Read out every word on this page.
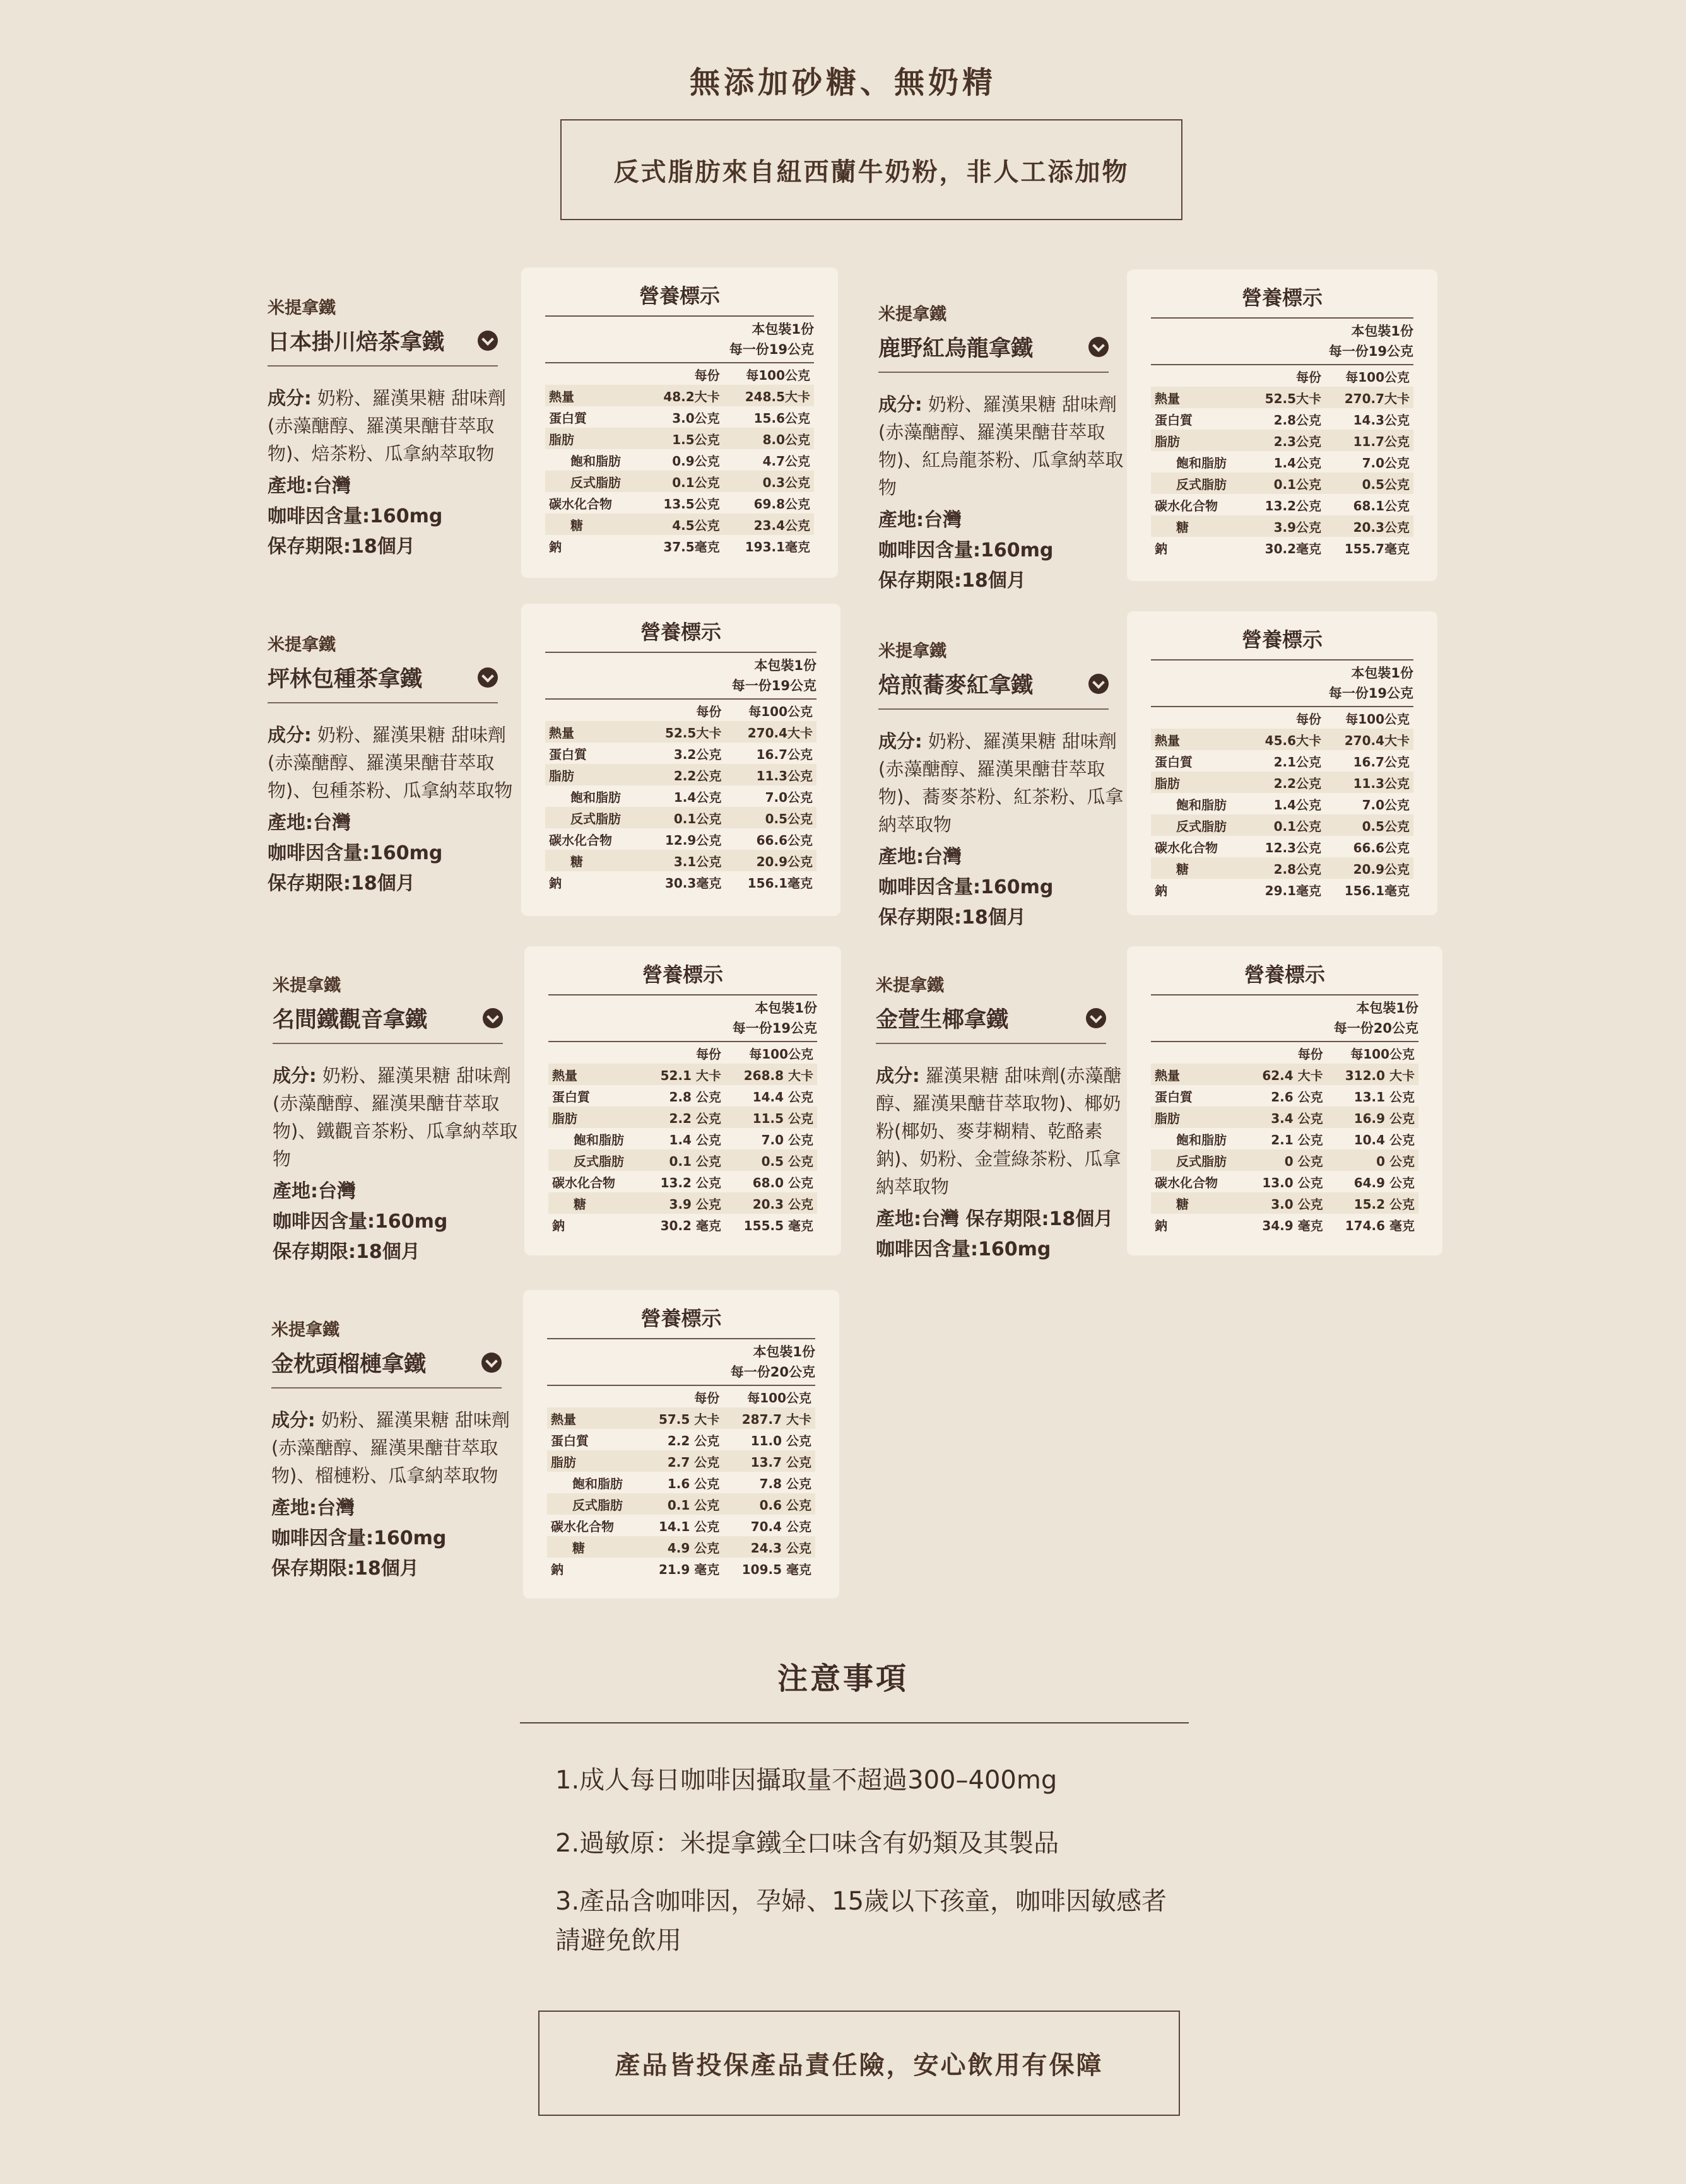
無添加砂糖、無奶精
反式脂肪來自紐西蘭牛奶粉，非人工添加物
米提拿鐵
日本掛川焙茶拿鐵
成分: 奶粉、羅漢果糖 甜味劑(赤藻醣醇、羅漢果醣苷萃取物)、焙茶粉、瓜拿納萃取物
產地:台灣
咖啡因含量:160mg
保存期限:18個月
營養標示
本包裝1份
每一份19公克
	每份	每100公克
熱量	48.2大卡	248.5大卡
蛋白質	3.0公克	15.6公克
脂肪	1.5公克	8.0公克
飽和脂肪	0.9公克	4.7公克
反式脂肪	0.1公克	0.3公克
碳水化合物	13.5公克	69.8公克
糖	4.5公克	23.4公克
鈉	37.5毫克	193.1毫克
米提拿鐵
鹿野紅烏龍拿鐵
成分: 奶粉、羅漢果糖 甜味劑(赤藻醣醇、羅漢果醣苷萃取物)、紅烏龍茶粉、瓜拿納萃取物
產地:台灣
咖啡因含量:160mg
保存期限:18個月
營養標示
本包裝1份
每一份19公克
	每份	每100公克
熱量	52.5大卡	270.7大卡
蛋白質	2.8公克	14.3公克
脂肪	2.3公克	11.7公克
飽和脂肪	1.4公克	7.0公克
反式脂肪	0.1公克	0.5公克
碳水化合物	13.2公克	68.1公克
糖	3.9公克	20.3公克
鈉	30.2毫克	155.7毫克
米提拿鐵
坪林包種茶拿鐵
成分: 奶粉、羅漢果糖 甜味劑(赤藻醣醇、羅漢果醣苷萃取物)、包種茶粉、瓜拿納萃取物
產地:台灣
咖啡因含量:160mg
保存期限:18個月
營養標示
本包裝1份
每一份19公克
	每份	每100公克
熱量	52.5大卡	270.4大卡
蛋白質	3.2公克	16.7公克
脂肪	2.2公克	11.3公克
飽和脂肪	1.4公克	7.0公克
反式脂肪	0.1公克	0.5公克
碳水化合物	12.9公克	66.6公克
糖	3.1公克	20.9公克
鈉	30.3毫克	156.1毫克
米提拿鐵
焙煎蕎麥紅拿鐵
成分: 奶粉、羅漢果糖 甜味劑(赤藻醣醇、羅漢果醣苷萃取物)、蕎麥茶粉、紅茶粉、瓜拿納萃取物
產地:台灣
咖啡因含量:160mg
保存期限:18個月
營養標示
本包裝1份
每一份19公克
	每份	每100公克
熱量	45.6大卡	270.4大卡
蛋白質	2.1公克	16.7公克
脂肪	2.2公克	11.3公克
飽和脂肪	1.4公克	7.0公克
反式脂肪	0.1公克	0.5公克
碳水化合物	12.3公克	66.6公克
糖	2.8公克	20.9公克
鈉	29.1毫克	156.1毫克
米提拿鐵
名間鐵觀音拿鐵
成分: 奶粉、羅漢果糖 甜味劑(赤藻醣醇、羅漢果醣苷萃取物)、鐵觀音茶粉、瓜拿納萃取物
產地:台灣
咖啡因含量:160mg
保存期限:18個月
營養標示
本包裝1份
每一份19公克
	每份	每100公克
熱量	52.1 大卡	268.8 大卡
蛋白質	2.8 公克	14.4 公克
脂肪	2.2 公克	11.5 公克
飽和脂肪	1.4 公克	7.0 公克
反式脂肪	0.1 公克	0.5 公克
碳水化合物	13.2 公克	68.0 公克
糖	3.9 公克	20.3 公克
鈉	30.2 毫克	155.5 毫克
米提拿鐵
金萱生椰拿鐵
成分: 羅漢果糖 甜味劑(赤藻醣醇、羅漢果醣苷萃取物)、椰奶粉(椰奶、麥芽糊精、乾酪素鈉)、奶粉、金萱綠茶粉、瓜拿納萃取物
產地:台灣 保存期限:18個月
咖啡因含量:160mg
營養標示
本包裝1份
每一份20公克
	每份	每100公克
熱量	62.4 大卡	312.0 大卡
蛋白質	2.6 公克	13.1 公克
脂肪	3.4 公克	16.9 公克
飽和脂肪	2.1 公克	10.4 公克
反式脂肪	0 公克	0 公克
碳水化合物	13.0 公克	64.9 公克
糖	3.0 公克	15.2 公克
鈉	34.9 毫克	174.6 毫克
米提拿鐵
金枕頭榴槤拿鐵
成分: 奶粉、羅漢果糖 甜味劑(赤藻醣醇、羅漢果醣苷萃取物)、榴槤粉、瓜拿納萃取物
產地:台灣
咖啡因含量:160mg
保存期限:18個月
營養標示
本包裝1份
每一份20公克
	每份	每100公克
熱量	57.5 大卡	287.7 大卡
蛋白質	2.2 公克	11.0 公克
脂肪	2.7 公克	13.7 公克
飽和脂肪	1.6 公克	7.8 公克
反式脂肪	0.1 公克	0.6 公克
碳水化合物	14.1 公克	70.4 公克
糖	4.9 公克	24.3 公克
鈉	21.9 毫克	109.5 毫克
注意事項
1.成人每日咖啡因攝取量不超過300–400mg
2.過敏原：米提拿鐵全口味含有奶類及其製品
3.產品含咖啡因，孕婦、15歲以下孩童，咖啡因敏感者請避免飲用
產品皆投保產品責任險，安心飲用有保障
